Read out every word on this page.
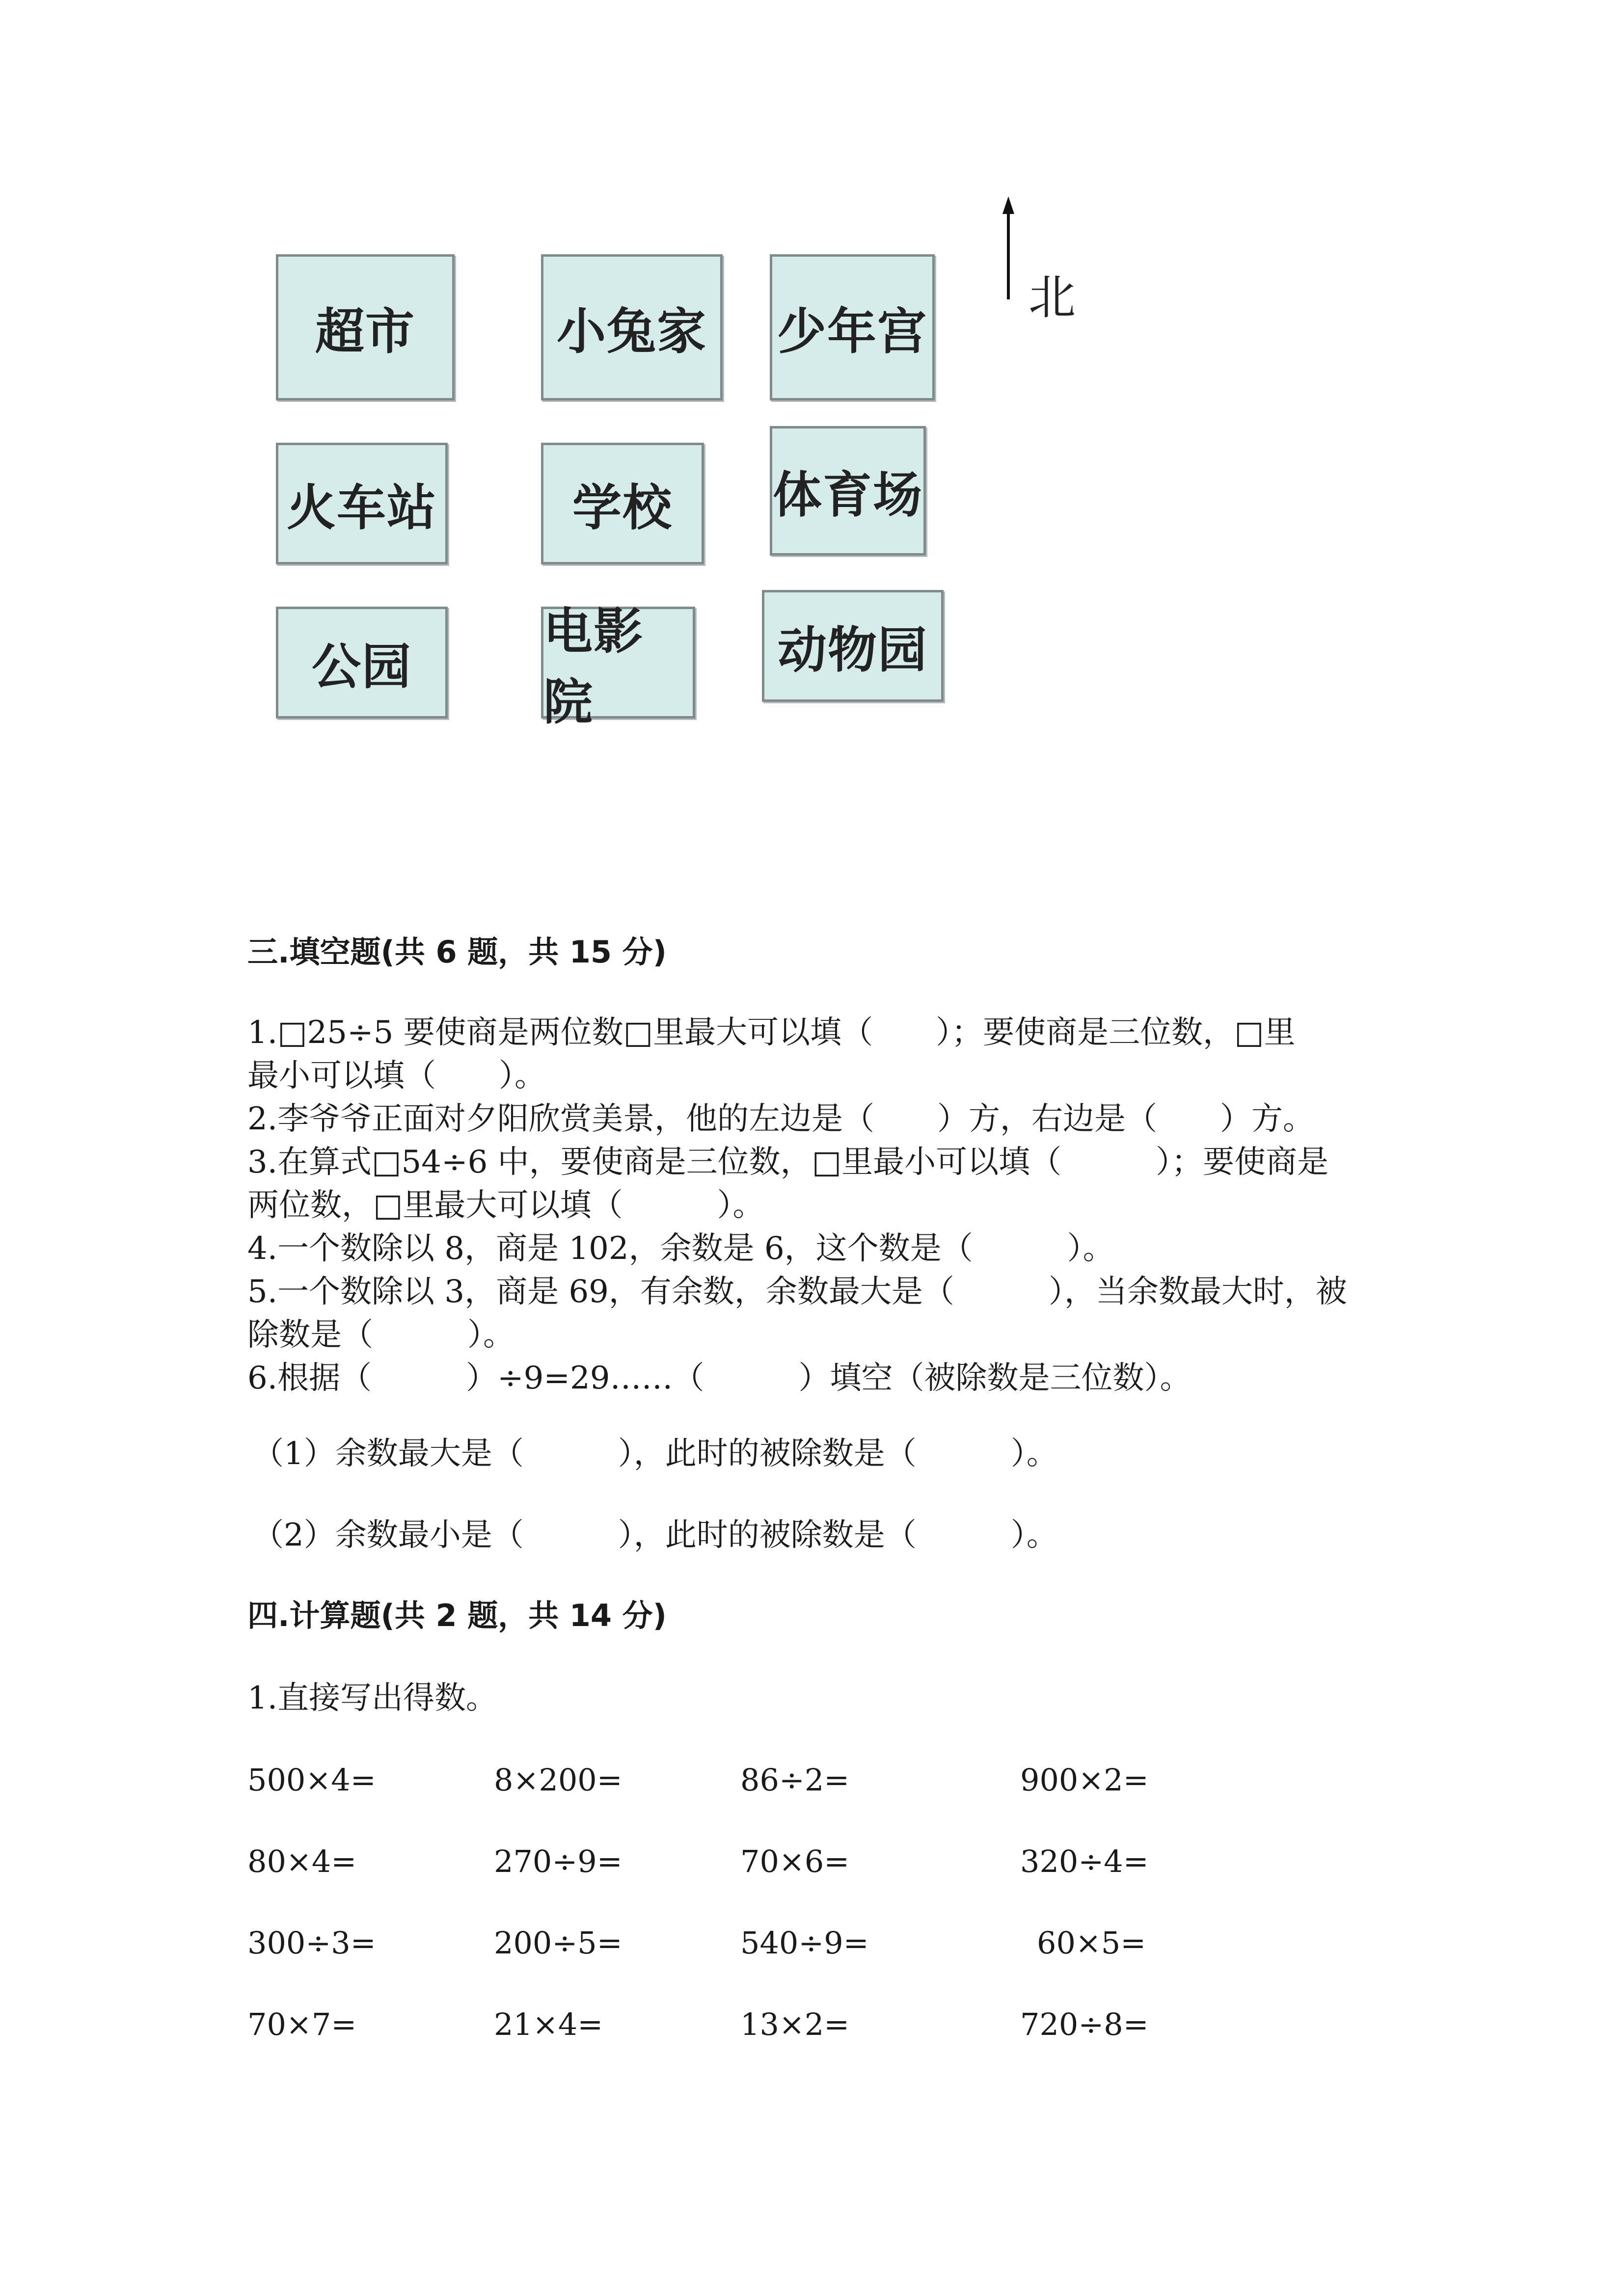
超市	小兔家	少年宫
火车站	学校	体育场
公园
电影院
动物园
北
三.填空题(共 6 题，共 15 分)
1.□25÷5 要使商是两位数□里最大可以填（　　）；要使商是三位数，□里
最小可以填（　　）。
2.李爷爷正面对夕阳欣赏美景，他的左边是（　　）方，右边是（　　）方。
3.在算式□54÷6 中，要使商是三位数，□里最小可以填（　　　）；要使商是
两位数，□里最大可以填（　　　）。
4.一个数除以 8，商是 102，余数是 6，这个数是（　　　）。
5.一个数除以 3，商是 69，有余数，余数最大是（　　　），当余数最大时，被
除数是（　　　）。
6.根据（　　　）÷9=29……（　　　）填空（被除数是三位数）。
（1）余数最大是（　　　），此时的被除数是（　　　）。
（2）余数最小是（　　　），此时的被除数是（　　　）。
四.计算题(共 2 题，共 14 分)
1.直接写出得数。
500×4=	8×200=	86÷2=	900×2=
80×4=	270÷9=	70×6=	320÷4=
300÷3=	200÷5=	540÷9=	60×5=
70×7=	21×4=	13×2=	720÷8=
